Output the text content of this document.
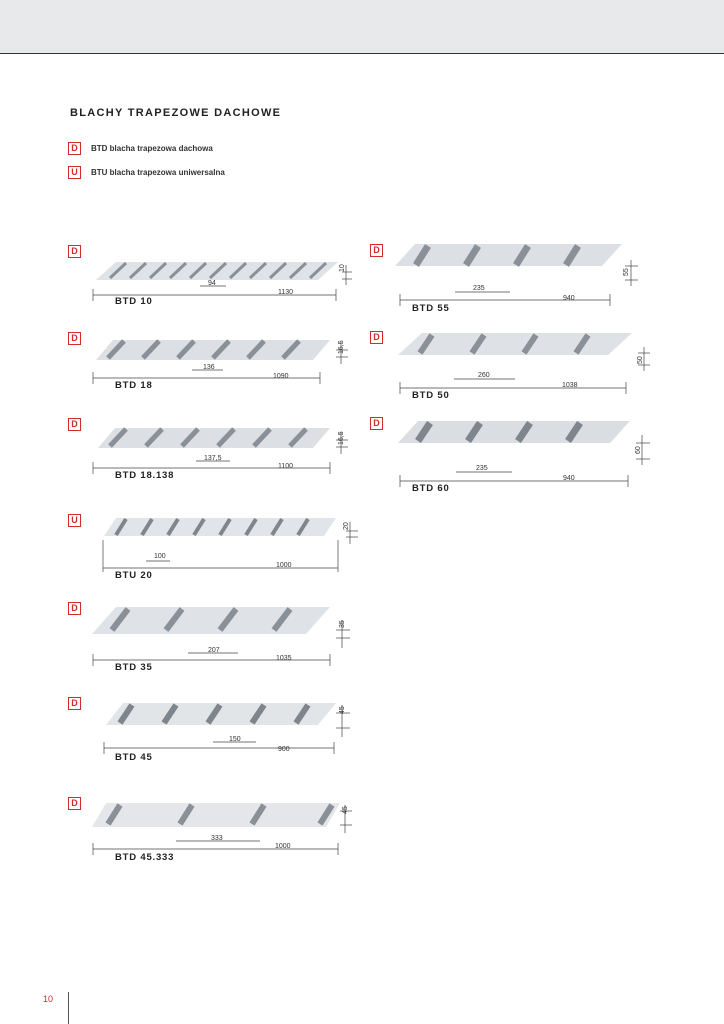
BLACHY TRAPEZOWE DACHOWE
D	BTD blacha trapezowa dachowa
U	BTU blacha trapezowa uniwersalna
D
94
1130
10
BTD 10
D
136
1090
16,5
BTD 18
D
137,5
1100
16,5
BTD 18.138
U
100
1000
20
BTU 20
D
207
1035
35
BTD 35
D
150
900
45
BTD 45
D
333
1000
45
BTD 45.333
D
235
940
55
BTD 55
D
260
1038
50
BTD 50
D
235
940
60
BTD 60
10
